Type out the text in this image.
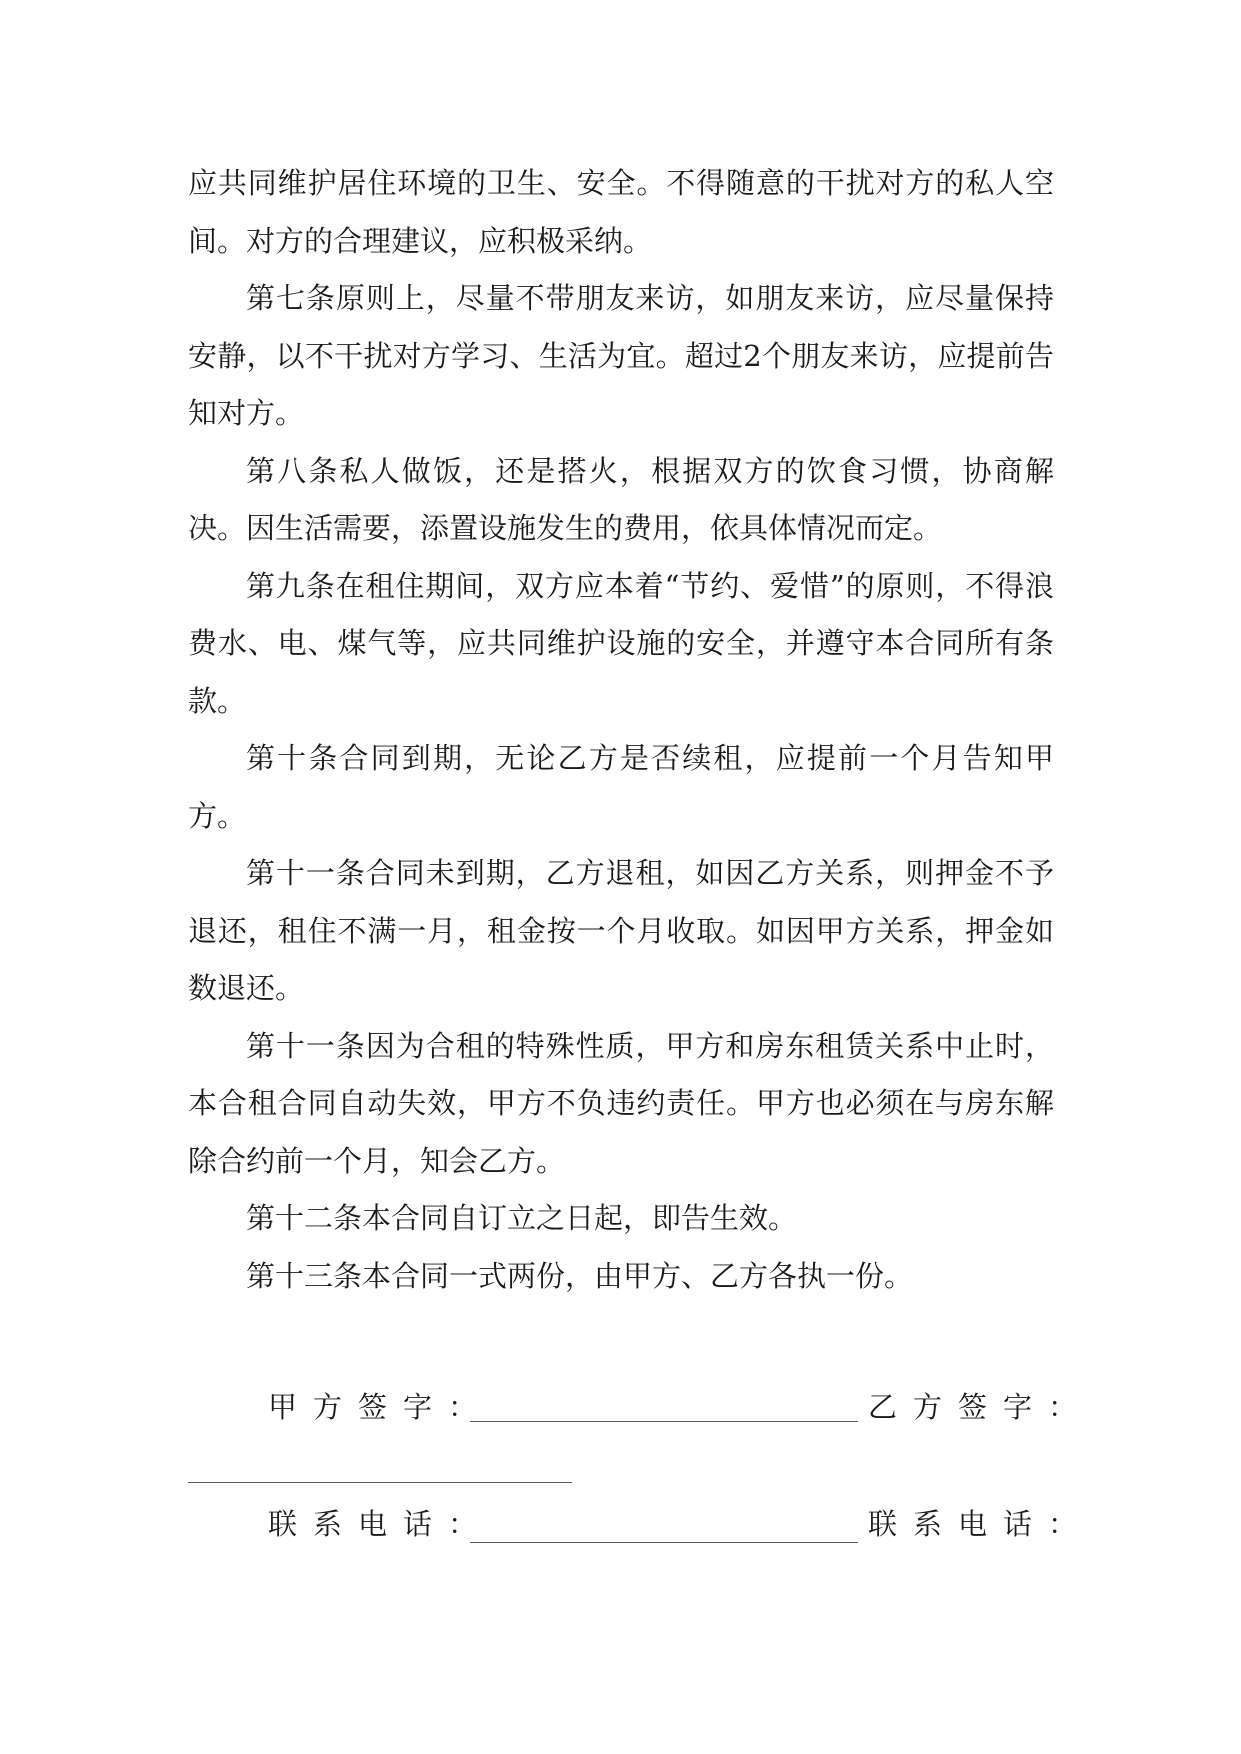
应共同维护居住环境的卫生、安全。不得随意的干扰对方的私人空间。对方的合理建议，应积极采纳。

第七条原则上，尽量不带朋友来访，如朋友来访，应尽量保持安静，以不干扰对方学习、生活为宜。超过2个朋友来访，应提前告知对方。

第八条私人做饭，还是搭火，根据双方的饮食习惯，协商解决。因生活需要，添置设施发生的费用，依具体情况而定。

第九条在租住期间，双方应本着“节约、爱惜”的原则，不得浪费水、电、煤气等，应共同维护设施的安全，并遵守本合同所有条款。

第十条合同到期，无论乙方是否续租，应提前一个月告知甲方。

第十一条合同未到期，乙方退租，如因乙方关系，则押金不予退还，租住不满一月，租金按一个月收取。如因甲方关系，押金如数退还。

第十一条因为合租的特殊性质，甲方和房东租赁关系中止时，本合租合同自动失效，甲方不负违约责任。甲方也必须在与房东解除合约前一个月，知会乙方。

第十二条本合同自订立之日起，即告生效。

第十三条本合同一式两份，由甲方、乙方各执一份。

甲方签字：	乙方签字：
联系电话：	联系电话：
